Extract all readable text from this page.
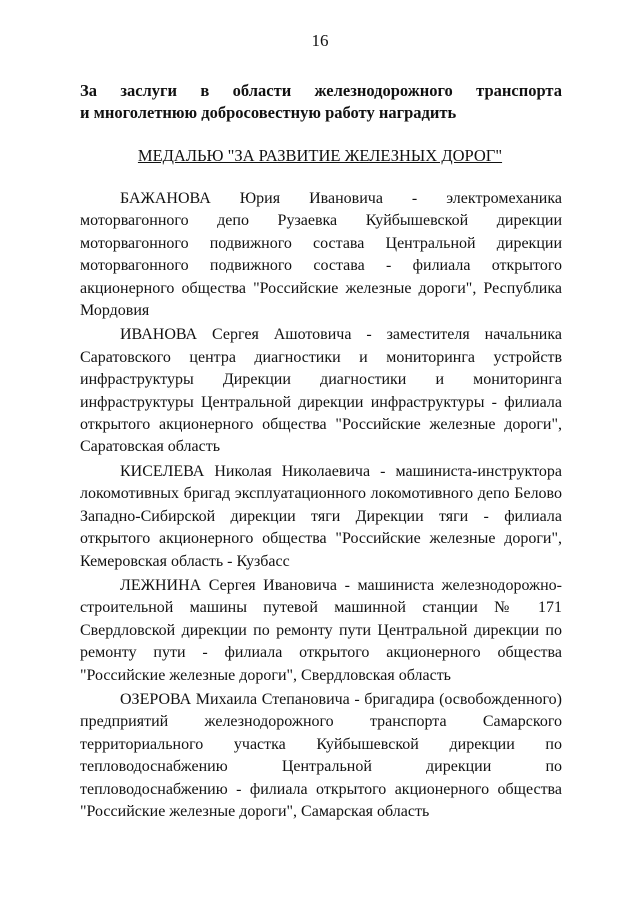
16
За заслуги в области железнодорожного транспорта
и многолетнюю добросовестную работу наградить
МЕДАЛЬЮ "ЗА РАЗВИТИЕ ЖЕЛЕЗНЫХ ДОРОГ"

БАЖАНОВА Юрия Ивановича - электромеханика моторвагонного депо Рузаевка Куйбышевской дирекции моторвагонного подвижного состава Центральной дирекции моторвагонного подвижного состава - филиала открытого акционерного общества "Российские железные дороги", Республика Мордовия

ИВАНОВА Сергея Ашотовича - заместителя начальника Саратовского центра диагностики и мониторинга устройств инфраструктуры Дирекции диагностики и мониторинга инфраструктуры Центральной дирекции инфраструктуры - филиала открытого акционерного общества "Российские железные дороги", Саратовская область

КИСЕЛЕВА Николая Николаевича - машиниста-инструктора локомотивных бригад эксплуатационного локомотивного депо Белово Западно-Сибирской дирекции тяги Дирекции тяги - филиала открытого акционерного общества "Российские железные дороги", Кемеровская область - Кузбасс

ЛЕЖНИНА Сергея Ивановича - машиниста железнодорожно-строительной машины путевой машинной станции № 171 Свердловской дирекции по ремонту пути Центральной дирекции по ремонту пути - филиала открытого акционерного общества "Российские железные дороги", Свердловская область

ОЗЕРОВА Михаила Степановича - бригадира (освобожденного) предприятий железнодорожного транспорта Самарского территориального участка Куйбышевской дирекции по тепловодоснабжению Центральной дирекции по тепловодоснабжению - филиала открытого акционерного общества "Российские железные дороги", Самарская область
